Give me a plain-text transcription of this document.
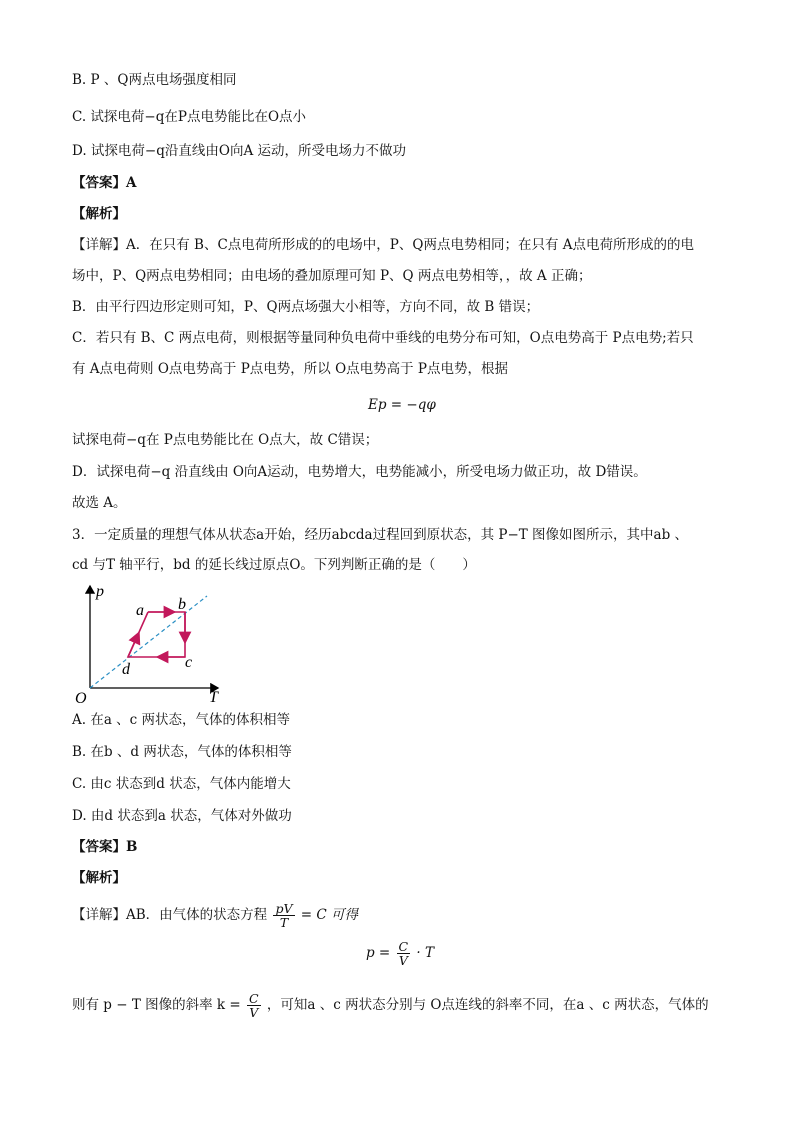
B. P 、Q两点电场强度相同
C. 试探电荷−q在P点电势能比在O点小
D. 试探电荷−q沿直线由O向A 运动，所受电场力不做功
【答案】A
【解析】
【详解】A．在只有 B、C点电荷所形成的的电场中，P、Q两点电势相同；在只有 A点电荷所形成的的电
场中，P、Q两点电势相同；由电场的叠加原理可知 P、Q 两点电势相等，，故 A 正确；
B．由平行四边形定则可知，P、Q两点场强大小相等，方向不同，故 B 错误；
C．若只有 B、C 两点电荷，则根据等量同种负电荷中垂线的电势分布可知，O点电势高于 P点电势;若只
有 A点电荷则 O点电势高于 P点电势，所以 O点电势高于 P点电势，根据
Ep = −qφ
试探电荷−q在 P点电势能比在 O点大，故 C错误；
D．试探电荷−q 沿直线由 O向A运动，电势增大，电势能减小，所受电场力做正功，故 D错误。
故选 A。
3．一定质量的理想气体从状态a开始，经历abcda过程回到原状态，其 P−T 图像如图所示，其中ab 、
cd 与T 轴平行，bd 的延长线过原点O。下列判断正确的是（　　）
p
T
O
a b
c
d
A. 在a 、c 两状态，气体的体积相等
B. 在b 、d 两状态，气体的体积相等
C. 由c 状态到d 状态，气体内能增大
D. 由d 状态到a 状态，气体对外做功
【答案】B
【解析】
【详解】AB．由气体的状态方程 $\frac{pV}{T} = C$ 可得
$p = \frac{C}{V} \cdot T$
则有 p − T 图像的斜率 $k = \frac{C}{V}$ ，可知a 、c 两状态分别与 O点连线的斜率不同，在a 、c 两状态，气体的
